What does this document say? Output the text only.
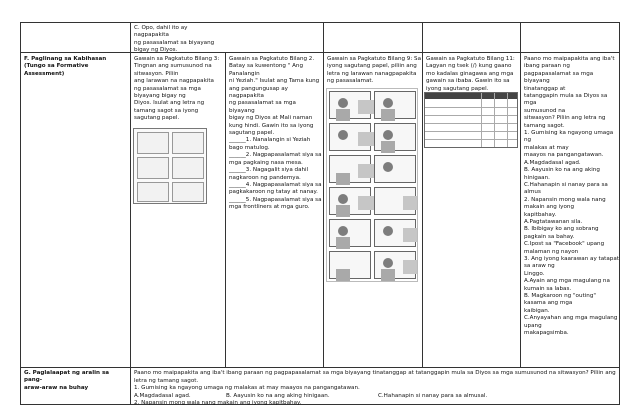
C. Opo, dahil ito ay nagpapakita
ng pasasalamat sa biyayang
bigay ng Diyos.
F. Paglinang sa Kabihasan
(Tungo sa Formative
Assessment)
Gawain sa Pagkatuto Bilang 3:
Tingnan ang sumusunod na
sitwasyon. Piliin
ang larawan na nagpapakita
ng pasasalamat sa mga
biyayang bigay ng
Diyos. Isulat ang letra ng
tamang sagot sa iyong
sagutang papel.
Gawain sa Pagkatuto Bilang 2.
Batay sa kuwentong " Ang
Panalangin
ni Yeziah." Isulat ang Tama kung
ang pangungusap ay
nagpapakita
ng pasasalamat sa mga biyayang
bigay ng Diyos at Mali naman
kung hindi. Gawin ito sa iyong
sagutang papel.
______1. Nanalangin si Yeziah
bago matulog.
______2. Nagpapasalamat siya sa
mga pagkaing nasa mesa.
______3. Nagagalit siya dahil
nagkaroon ng pandemya.
______4. Nagpapasalamat siya sa
pagkakaroon ng tatay at nanay.
______5. Nagpapasalamat siya sa
mga frontliners at mga guro.
Gawain sa Pagkatuto Bilang 9: Sa
iyong sagutang papel, piliin ang
letra ng larawan nanagpapakita
ng pasasalamat.
Gawain sa Pagkatuto Bilang 11:
Lagyan ng tsek (/) kung gaano
mo kadalas ginagawa ang mga
gawain sa ibaba. Gawin ito sa
iyong sagutang papel.
Paano mo maipapakita ang iba't
ibang paraan ng
pagpapasalamat sa mga biyayang
tinatanggap at
tatanggapin mula sa Diyos sa mga
sumusunod na
sitwasyon? Piliin ang letra ng
tamang sagot.
1. Gumising ka ngayong umaga ng
malakas at may
maayos na pangangatawan.
A.Magdadasal agad.
B. Aayusin ko na ang aking
hinigaan.
C.Hahanapin si nanay para sa
almus
2. Napansin mong wala nang
makain ang iyong
kapitbahay.
A.Pagtatawanan sila.
B. Ibibigay ko ang sobrang
pagkain sa bahay.
C.Ipost sa "Facebook" upang
malaman ng nayon
3. Ang iyong kaarawan ay tatapat
sa araw ng
Linggo.
A.Ayain ang mga magulang na
kumain sa labas.
B. Magkaroon ng "outing"
kasama ang mga
kaibigan.
C.Anyayahan ang mga magulang
upang
makapagsimba.
G. Paglalaapat ng aralin sa pang-
araw-araw na buhay
Paano mo maipapakita ang iba't ibang paraan ng pagpapasalamat sa mga biyayang tinatanggap at tatanggapin mula sa Diyos sa mga sumusunod na sitwasyon? Piliin ang
letra ng tamang sagot.
1. Gumising ka ngayong umaga ng malakas at may maayos na pangangatawan.
A.Magdadasal agad.	B. Aayusin ko na ang aking hinigaan.	C.Hahanapin si nanay para sa almusal.
2. Napansin mong wala nang makain ang iyong kapitbahay.
